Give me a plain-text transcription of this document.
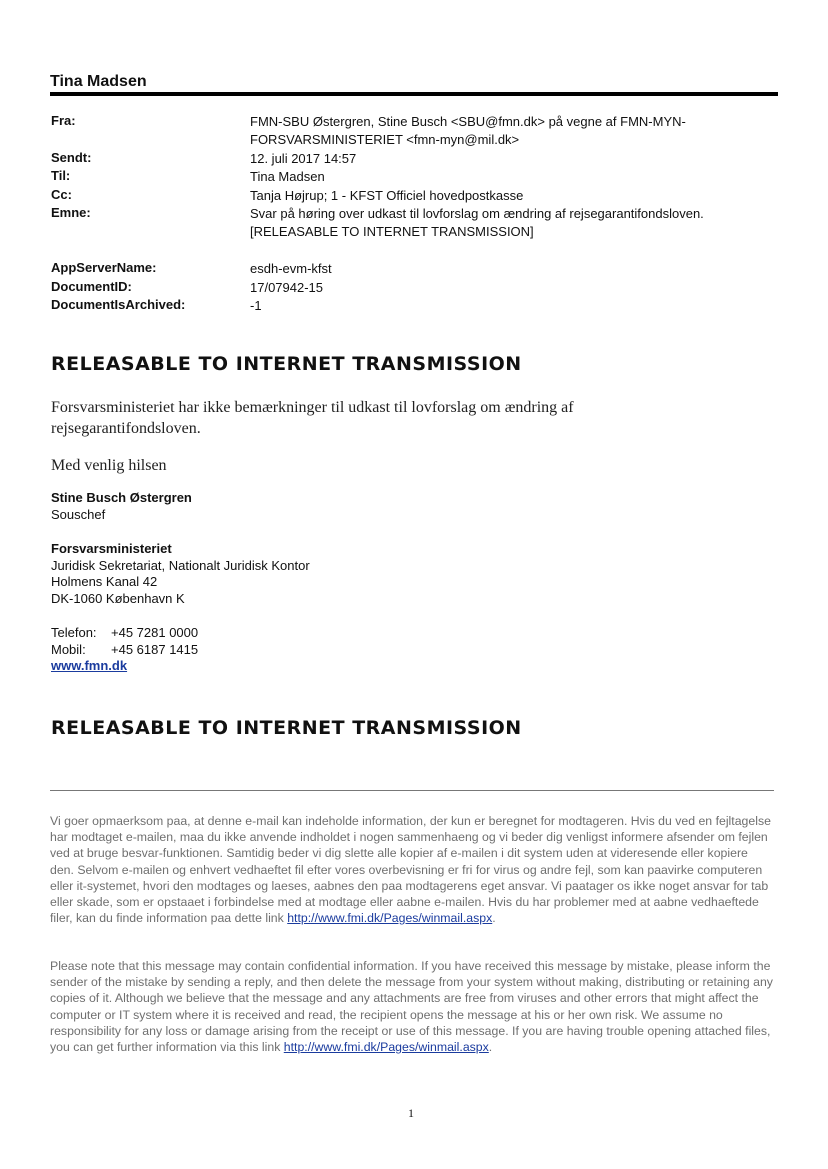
Tina Madsen
Fra:	FMN-SBU Østergren, Stine Busch <SBU@fmn.dk> på vegne af FMN-MYN-FORSVARSMINISTERIET <fmn-myn@mil.dk>
Sendt:	12. juli 2017 14:57
Til:	Tina Madsen
Cc:	Tanja Højrup; 1 - KFST Officiel hovedpostkasse
Emne:	Svar på høring over udkast til lovforslag om ændring af rejsegarantifondsloven. [RELEASABLE TO INTERNET TRANSMISSION]
AppServerName:	esdh-evm-kfst
DocumentID:	17/07942-15
DocumentIsArchived:	-1
RELEASABLE TO INTERNET TRANSMISSION
Forsvarsministeriet har ikke bemærkninger til udkast til lovforslag om ændring af rejsegarantifondsloven.
Med venlig hilsen
Stine Busch Østergren
Souschef
Forsvarsministeriet
Juridisk Sekretariat, Nationalt Juridisk Kontor
Holmens Kanal 42
DK-1060 København K
Telefon: +45 7281 0000
Mobil: +45 6187 1415
www.fmn.dk
RELEASABLE TO INTERNET TRANSMISSION
Vi goer opmaerksom paa, at denne e-mail kan indeholde information, der kun er beregnet for modtageren. Hvis du ved en fejltagelse har modtaget e-mailen, maa du ikke anvende indholdet i nogen sammenhaeng og vi beder dig venligst informere afsender om fejlen ved at bruge besvar-funktionen. Samtidig beder vi dig slette alle kopier af e-mailen i dit system uden at videresende eller kopiere den. Selvom e-mailen og enhvert vedhaeftet fil efter vores overbevisning er fri for virus og andre fejl, som kan paavirke computeren eller it-systemet, hvori den modtages og laeses, aabnes den paa modtagerens eget ansvar. Vi paatager os ikke noget ansvar for tab eller skade, som er opstaaet i forbindelse med at modtage eller aabne e-mailen. Hvis du har problemer med at aabne vedhaeftede filer, kan du finde information paa dette link http://www.fmi.dk/Pages/winmail.aspx.
Please note that this message may contain confidential information. If you have received this message by mistake, please inform the sender of the mistake by sending a reply, and then delete the message from your system without making, distributing or retaining any copies of it. Although we believe that the message and any attachments are free from viruses and other errors that might affect the computer or IT system where it is received and read, the recipient opens the message at his or her own risk. We assume no responsibility for any loss or damage arising from the receipt or use of this message. If you are having trouble opening attached files, you can get further information via this link http://www.fmi.dk/Pages/winmail.aspx.
1
